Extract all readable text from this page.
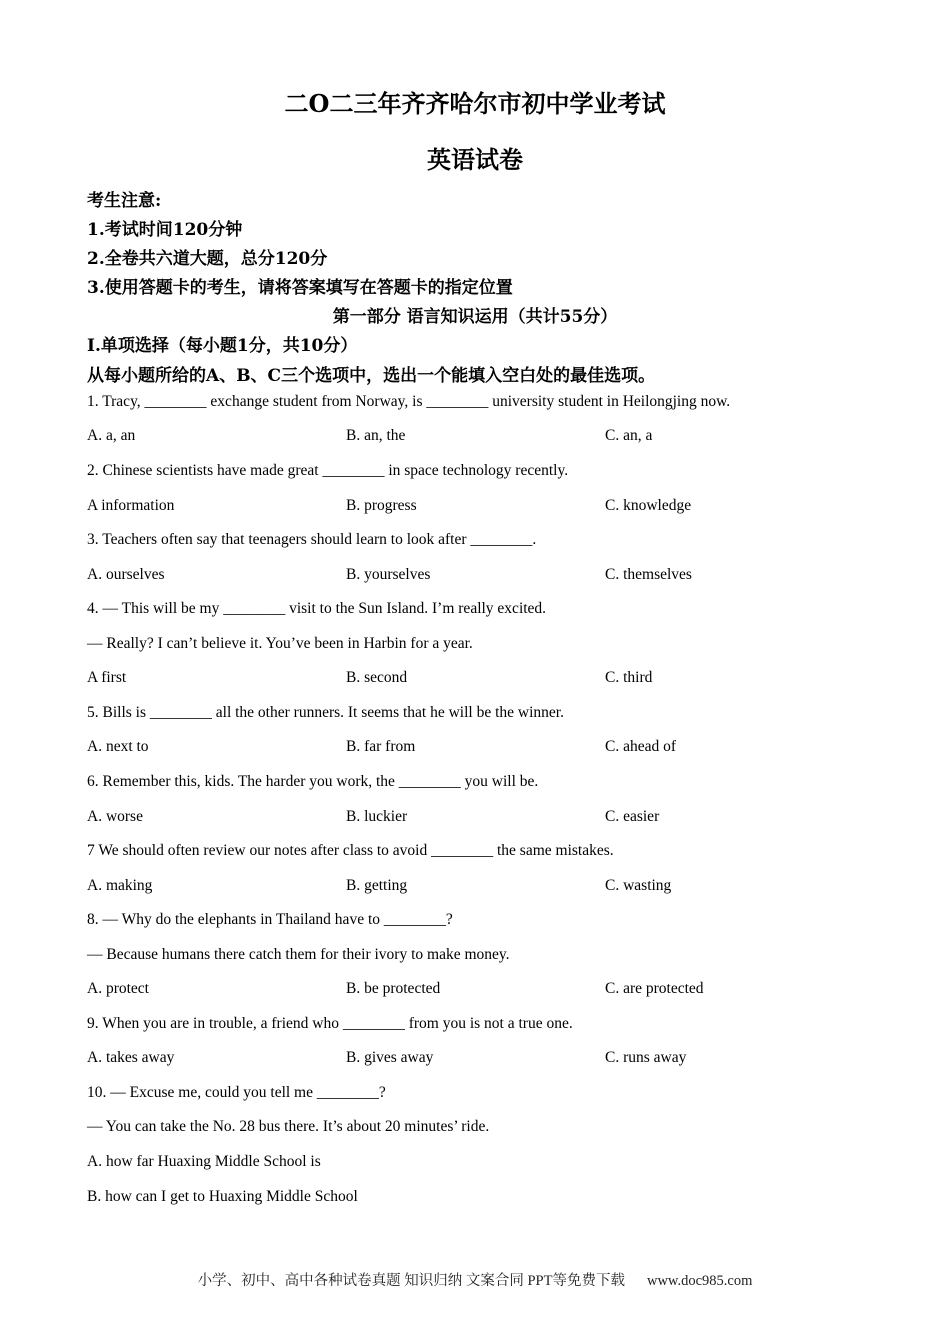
二O二三年齐齐哈尔市初中学业考试
英语试卷
考生注意:
1.考试时间120分钟
2.全卷共六道大题，总分120分
3.使用答题卡的考生，请将答案填写在答题卡的指定位置
第一部分 语言知识运用（共计55分）
I.单项选择（每小题1分，共10分）
从每小题所给的A、B、C三个选项中，选出一个能填入空白处的最佳选项。
1. Tracy, ________ exchange student from Norway, is ________ university student in Heilongjing now.
A. a, an	B. an, the	C. an, a
2. Chinese scientists have made great ________ in space technology recently.
A information	B. progress	C. knowledge
3. Teachers often say that teenagers should learn to look after ________.
A. ourselves	B. yourselves	C. themselves
4. — This will be my ________ visit to the Sun Island. I’m really excited.
— Really? I can’t believe it. You’ve been in Harbin for a year.
A first	B. second	C. third
5. Bills is ________ all the other runners. It seems that he will be the winner.
A. next to	B. far from	C. ahead of
6. Remember this, kids. The harder you work, the ________ you will be.
A. worse	B. luckier	C. easier
7 We should often review our notes after class to avoid ________ the same mistakes.
A. making	B. getting	C. wasting
8. — Why do the elephants in Thailand have to ________?
— Because humans there catch them for their ivory to make money.
A. protect	B. be protected	C. are protected
9. When you are in trouble, a friend who ________ from you is not a true one.
A. takes away	B. gives away	C. runs away
10. — Excuse me, could you tell me ________?
— You can take the No. 28 bus there. It’s about 20 minutes’ ride.
A. how far Huaxing Middle School is
B. how can I get to Huaxing Middle School
小学、初中、高中各种试卷真题 知识归纳 文案合同 PPT等免费下载 www.doc985.com
